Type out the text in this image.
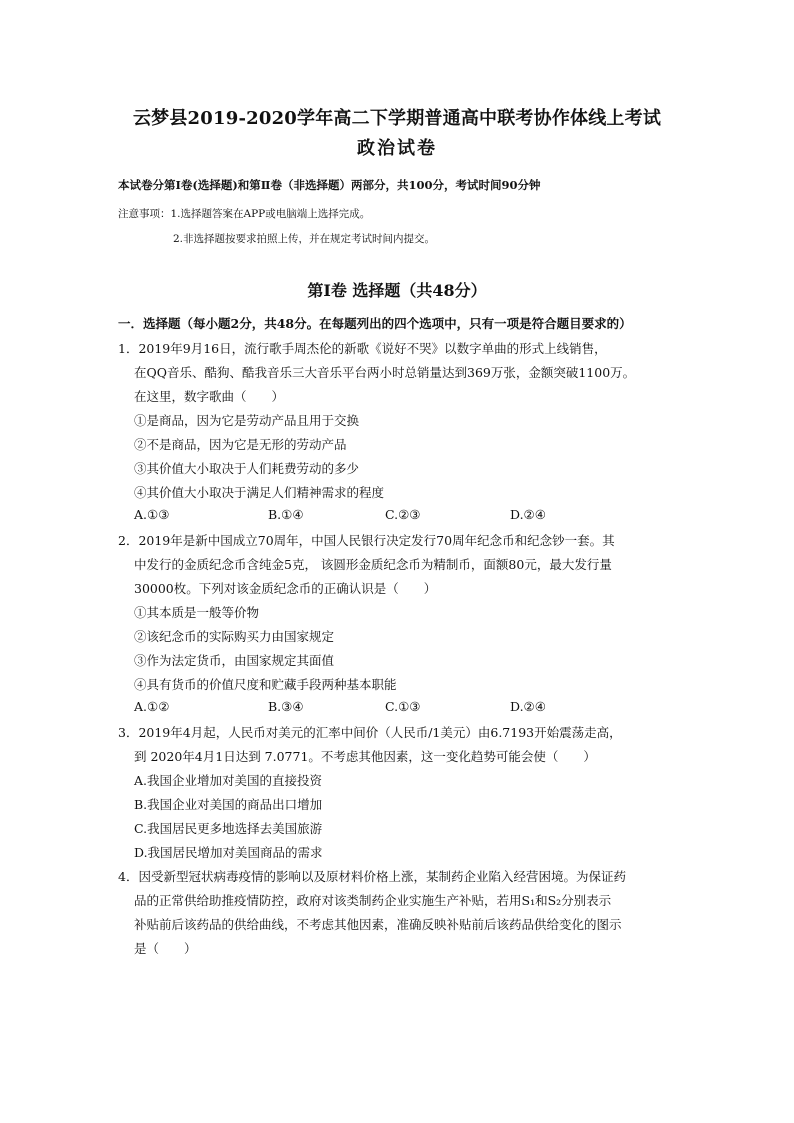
云梦县2019-2020学年高二下学期普通高中联考协作体线上考试
政治试卷
本试卷分第Ⅰ卷(选择题)和第Ⅱ卷（非选择题）两部分，共100分，考试时间90分钟
注意事项：1.选择题答案在APP或电脑端上选择完成。
2.非选择题按要求拍照上传，并在规定考试时间内提交。
第Ⅰ卷 选择题（共48分）
一．选择题（每小题2分，共48分。在每题列出的四个选项中，只有一项是符合题目要求的）
1．2019年9月16日，流行歌手周杰伦的新歌《说好不哭》以数字单曲的形式上线销售，
在QQ音乐、酷狗、酷我音乐三大音乐平台两小时总销量达到369万张，金额突破1100万。
在这里，数字歌曲（　　）
①是商品，因为它是劳动产品且用于交换
②不是商品，因为它是无形的劳动产品
③其价值大小取决于人们耗费劳动的多少
④其价值大小取决于满足人们精神需求的程度
A.①③	B.①④	C.②③	D.②④
2．2019年是新中国成立70周年，中国人民银行决定发行70周年纪念币和纪念钞一套。其
中发行的金质纪念币含纯金5克， 该圆形金质纪念币为精制币，面额80元，最大发行量
30000枚。下列对该金质纪念币的正确认识是（　　）
①其本质是一般等价物
②该纪念币的实际购买力由国家规定
③作为法定货币，由国家规定其面值
④具有货币的价值尺度和贮藏手段两种基本职能
A.①②	B.③④	C.①③	D.②④
3．2019年4月起，人民币对美元的汇率中间价（人民币/1美元）由6.7193开始震荡走高，
到 2020年4月1日达到 7.0771。不考虑其他因素，这一变化趋势可能会使（　　）
A.我国企业增加对美国的直接投资
B.我国企业对美国的商品出口增加
C.我国居民更多地选择去美国旅游
D.我国居民增加对美国商品的需求
4．因受新型冠状病毒疫情的影响以及原材料价格上涨，某制药企业陷入经营困境。为保证药
品的正常供给助推疫情防控，政府对该类制药企业实施生产补贴，若用S₁和S₂分别表示
补贴前后该药品的供给曲线，不考虑其他因素，准确反映补贴前后该药品供给变化的图示
是（　　）
